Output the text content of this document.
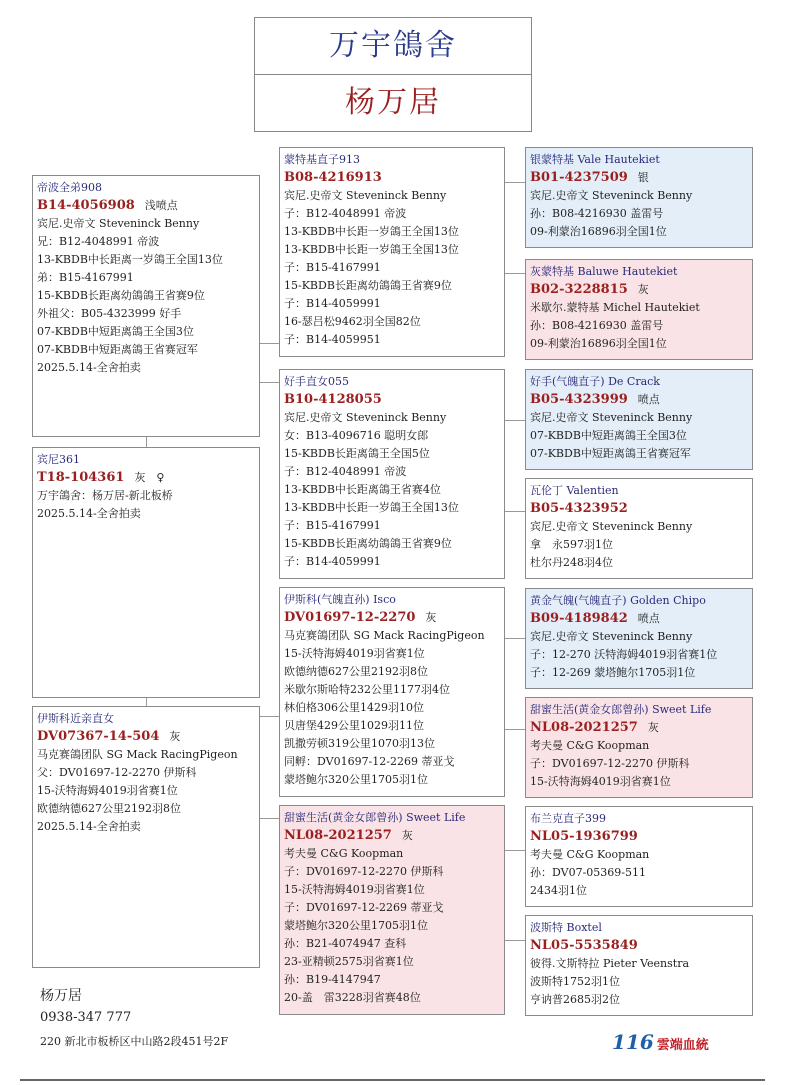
万宇鴿舍
杨万居
帝波全弟908
B14-4056908 浅喷点
宾尼.史帝文 Steveninck Benny
兄：B12-4048991 帝波
13-KBDB中长距离一岁鴿王全国13位
弟：B15-4167991
15-KBDB长距离幼鴿鴿王省赛9位
外祖父：B05-4323999 好手
07-KBDB中短距离鴿王全国3位
07-KBDB中短距离鴿王省赛冠军
2025.5.14-全舍拍卖
宾尼361
T18-104361 灰　♀
万宇鴿舍：杨万居-新北板桥
2025.5.14-全舍拍卖
伊斯科近亲直女
DV07367-14-504 灰
马克赛鴿团队 SG Mack RacingPigeon
父：DV01697-12-2270 伊斯科
15-沃特海姆4019羽省赛1位
欧德纳德627公里2192羽8位
2025.5.14-全舍拍卖
蒙特基直子913
B08-4216913
宾尼.史帝文 Steveninck Benny
子：B12-4048991 帝波
13-KBDB中长距一岁鴿王全国13位
13-KBDB中长距一岁鴿王全国13位
子：B15-4167991
15-KBDB长距离幼鴿鴿王省赛9位
子：B14-4059991
16-瑟吕松9462羽全国82位
子：B14-4059951
好手直女055
B10-4128055
宾尼.史帝文 Steveninck Benny
女：B13-4096716 聪明女郎
15-KBDB长距离鴿王全国5位
子：B12-4048991 帝波
13-KBDB中长距离鴿王省赛4位
13-KBDB中长距一岁鴿王全国13位
子：B15-4167991
15-KBDB长距离幼鴿鴿王省赛9位
子：B14-4059991
伊斯科(气魄直孙) Isco
DV01697-12-2270 灰
马克赛鴿团队 SG Mack RacingPigeon
15-沃特海姆4019羽省赛1位
欧德纳德627公里2192羽8位
米歇尔斯哈特232公里1177羽4位
林伯格306公里1429羽10位
贝唐堡429公里1029羽11位
凯撒劳顿319公里1070羽13位
同孵：DV01697-12-2269 蒂亚戈
蒙塔鲍尔320公里1705羽1位
甜蜜生活(黄金女郎曾孙) Sweet Life
NL08-2021257 灰
考夫曼 C&G Koopman
子：DV01697-12-2270 伊斯科
15-沃特海姆4019羽省赛1位
子：DV01697-12-2269 蒂亚戈
蒙塔鲍尔320公里1705羽1位
孙：B21-4074947 查科
23-亚精顿2575羽省赛1位
孙：B19-4147947
20-盖　雷3228羽省赛48位
银蒙特基 Vale Hautekiet
B01-4237509 银
宾尼.史帝文 Steveninck Benny
孙：B08-4216930 盖雷号
09-利蒙治16896羽全国1位
灰蒙特基 Baluwe Hautekiet
B02-3228815 灰
米歇尔.蒙特基 Michel Hautekiet
孙：B08-4216930 盖雷号
09-利蒙治16896羽全国1位
好手(气魄直子) De Crack
B05-4323999 喷点
宾尼.史帝文 Steveninck Benny
07-KBDB中短距离鴿王全国3位
07-KBDB中短距离鴿王省赛冠军
瓦伦丁 Valentien
B05-4323952
宾尼.史帝文 Steveninck Benny
拿　永597羽1位
杜尔丹248羽4位
黄金气魄(气魄直子) Golden Chipo
B09-4189842 喷点
宾尼.史帝文 Steveninck Benny
子：12-270 沃特海姆4019羽省赛1位
子：12-269 蒙塔鲍尔1705羽1位
甜蜜生活(黄金女郎曾孙) Sweet Life
NL08-2021257 灰
考夫曼 C&G Koopman
子：DV01697-12-2270 伊斯科
15-沃特海姆4019羽省赛1位
布兰克直子399
NL05-1936799
考夫曼 C&G Koopman
孙：DV07-05369-511
2434羽1位
波斯特 Boxtel
NL05-5535849
彼得.文斯特拉 Pieter Veenstra
波斯特1752羽1位
亨讷普2685羽2位
杨万居
0938-347 777
220 新北市板桥区中山路2段451号2F	116 雲端血統
